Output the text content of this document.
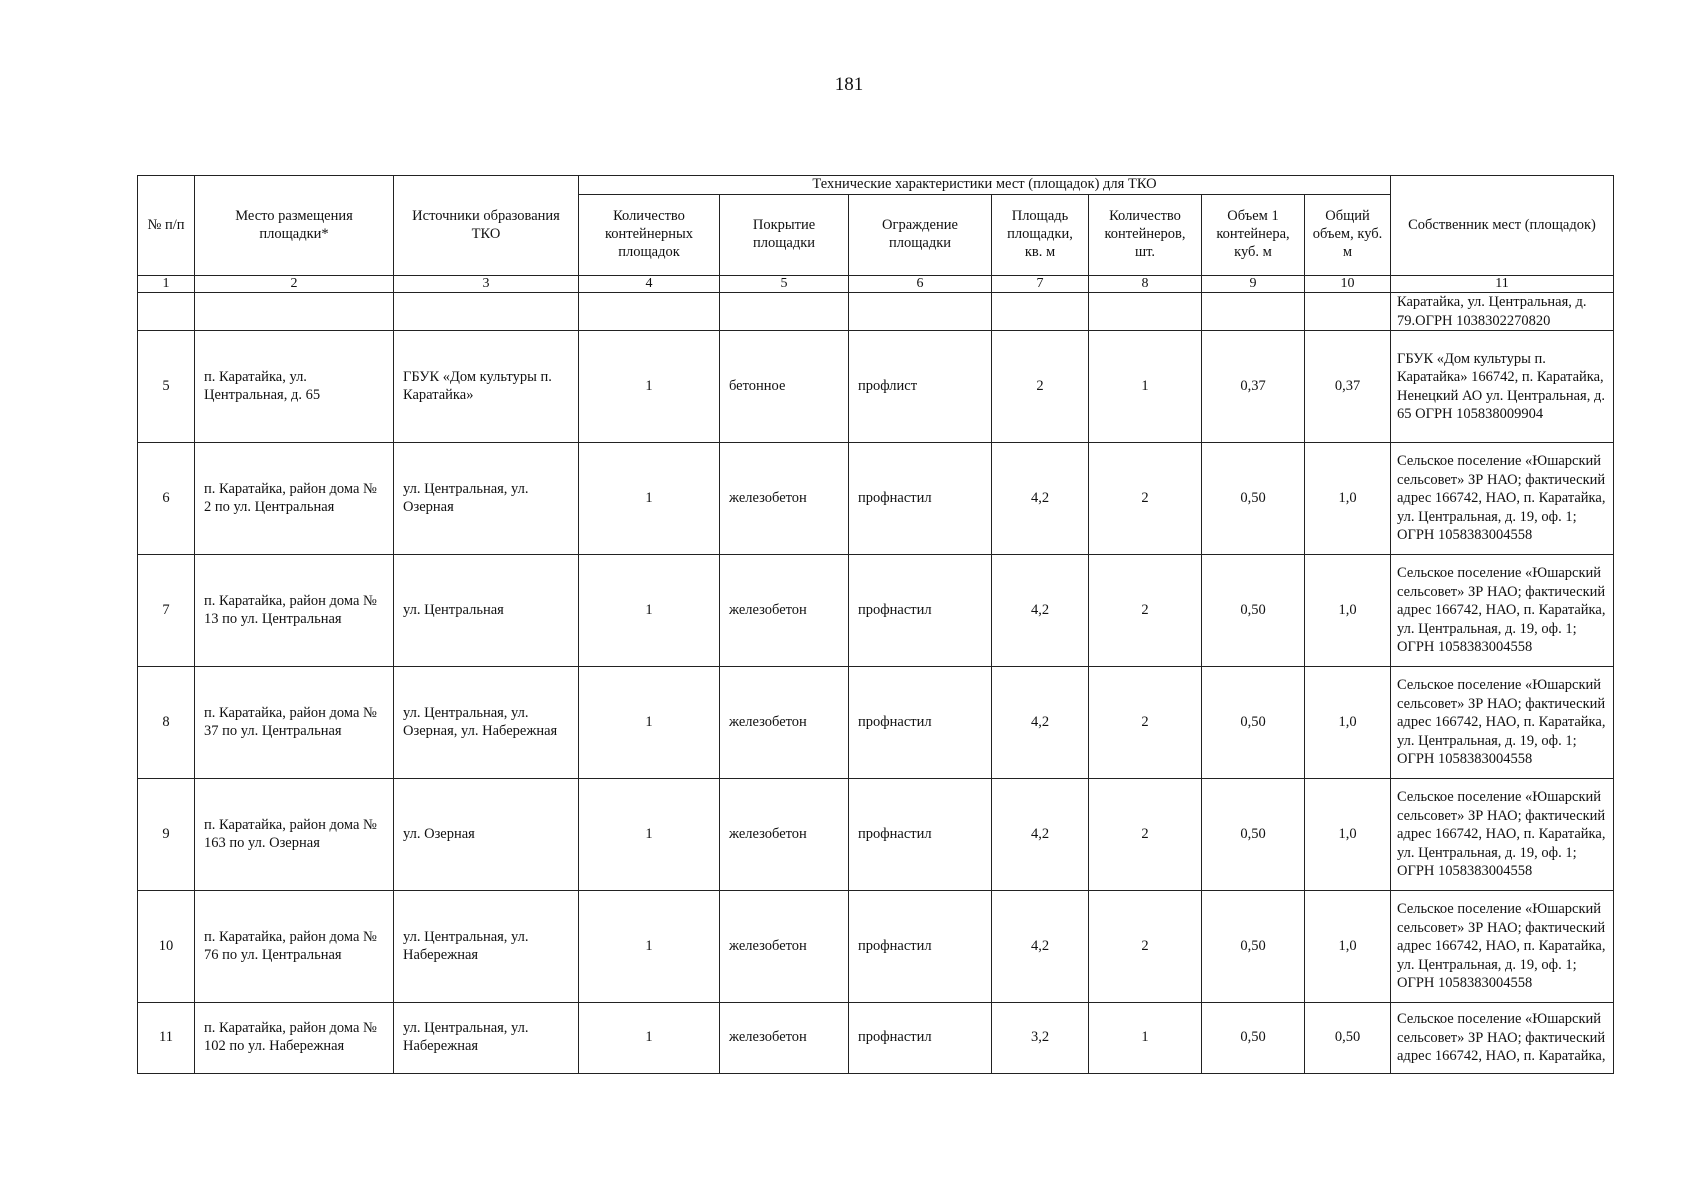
181
№ п/п	Место размещения площадки*	Источники образования ТКО	Технические характеристики мест (площадок) для ТКО							Собственник мест (площадок)
			Количество контейнерных площадок	Покрытие площадки	Ограждение площадки	Площадь площадки, кв. м	Количество контейнеров, шт.	Объем 1 контейнера, куб. м	Общий объем, куб. м	
1	2	3	4	5	6	7	8	9	10	11
										Каратайка, ул. Центральная, д. 79.ОГРН 1038302270820
5	п. Каратайка, ул. Центральная, д. 65	ГБУК «Дом культуры п. Каратайка»	1	бетонное	профлист	2	1	0,37	0,37	ГБУК «Дом культуры п. Каратайка» 166742, п. Каратайка, Ненецкий АО ул. Центральная, д. 65 ОГРН 105838009904
6	п. Каратайка, район дома № 2 по ул. Центральная	ул. Центральная, ул. Озерная	1	железобетон	профнастил	4,2	2	0,50	1,0	Сельское поселение «Юшарский сельсовет» ЗР НАО; фактический адрес 166742, НАО, п. Каратайка, ул. Центральная, д. 19, оф. 1; ОГРН 1058383004558
7	п. Каратайка, район дома № 13 по ул. Центральная	ул. Центральная	1	железобетон	профнастил	4,2	2	0,50	1,0	Сельское поселение «Юшарский сельсовет» ЗР НАО; фактический адрес 166742, НАО, п. Каратайка, ул. Центральная, д. 19, оф. 1; ОГРН 1058383004558
8	п. Каратайка, район дома № 37 по ул. Центральная	ул. Центральная, ул. Озерная, ул. Набережная	1	железобетон	профнастил	4,2	2	0,50	1,0	Сельское поселение «Юшарский сельсовет» ЗР НАО; фактический адрес 166742, НАО, п. Каратайка, ул. Центральная, д. 19, оф. 1; ОГРН 1058383004558
9	п. Каратайка, район дома № 163 по ул. Озерная	ул. Озерная	1	железобетон	профнастил	4,2	2	0,50	1,0	Сельское поселение «Юшарский сельсовет» ЗР НАО; фактический адрес 166742, НАО, п. Каратайка, ул. Центральная, д. 19, оф. 1; ОГРН 1058383004558
10	п. Каратайка, район дома № 76 по ул. Центральная	ул. Центральная, ул. Набережная	1	железобетон	профнастил	4,2	2	0,50	1,0	Сельское поселение «Юшарский сельсовет» ЗР НАО; фактический адрес 166742, НАО, п. Каратайка, ул. Центральная, д. 19, оф. 1; ОГРН 1058383004558
11	п. Каратайка, район дома № 102 по ул. Набережная	ул. Центральная, ул. Набережная	1	железобетон	профнастил	3,2	1	0,50	0,50	Сельское поселение «Юшарский сельсовет» ЗР НАО; фактический адрес 166742, НАО, п. Каратайка,
